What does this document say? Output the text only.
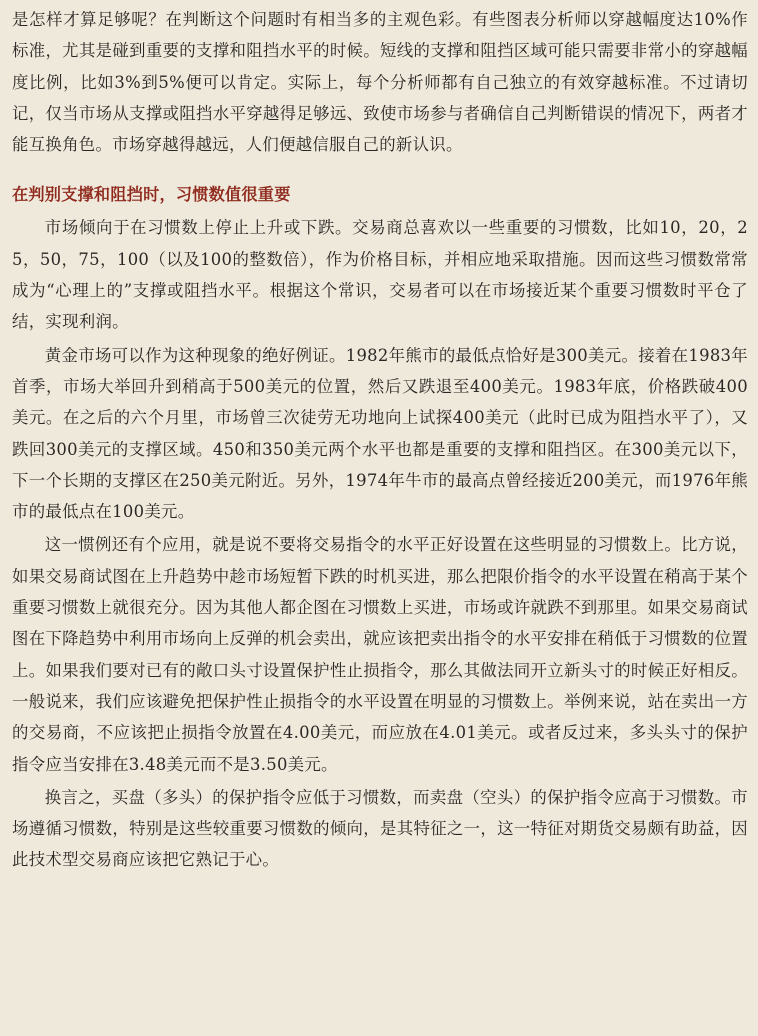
是怎样才算足够呢？在判断这个问题时有相当多的主观色彩。有些图表分析师以穿越幅度达10%作标准，尤其是碰到重要的支撑和阻挡水平的时候。短线的支撑和阻挡区域可能只需要非常小的穿越幅度比例，比如3%到5%便可以肯定。实际上，每个分析师都有自己独立的有效穿越标准。不过请切记，仅当市场从支撑或阻挡水平穿越得足够远、致使市场参与者确信自己判断错误的情况下，两者才能互换角色。市场穿越得越远，人们便越信服自己的新认识。

在判别支撑和阻挡时，习惯数值很重要

市场倾向于在习惯数上停止上升或下跌。交易商总喜欢以一些重要的习惯数，比如10，20，25，50，75，100（以及100的整数倍），作为价格目标，并相应地采取措施。因而这些习惯数常常成为“心理上的”支撑或阻挡水平。根据这个常识，交易者可以在市场接近某个重要习惯数时平仓了结，实现利润。

黄金市场可以作为这种现象的绝好例证。1982年熊市的最低点恰好是300美元。接着在1983年首季，市场大举回升到稍高于500美元的位置，然后又跌退至400美元。1983年底，价格跌破400美元。在之后的六个月里，市场曾三次徒劳无功地向上试探400美元（此时已成为阻挡水平了），又跌回300美元的支撑区域。450和350美元两个水平也都是重要的支撑和阻挡区。在300美元以下，下一个长期的支撑区在250美元附近。另外，1974年牛市的最高点曾经接近200美元，而1976年熊市的最低点在100美元。

这一惯例还有个应用，就是说不要将交易指令的水平正好设置在这些明显的习惯数上。比方说，如果交易商试图在上升趋势中趁市场短暂下跌的时机买进，那么把限价指令的水平设置在稍高于某个重要习惯数上就很充分。因为其他人都企图在习惯数上买进，市场或许就跌不到那里。如果交易商试图在下降趋势中利用市场向上反弹的机会卖出，就应该把卖出指令的水平安排在稍低于习惯数的位置上。如果我们要对已有的敞口头寸设置保护性止损指令，那么其做法同开立新头寸的时候正好相反。一般说来，我们应该避免把保护性止损指令的水平设置在明显的习惯数上。举例来说，站在卖出一方的交易商，不应该把止损指令放置在4.00美元，而应放在4.01美元。或者反过来，多头头寸的保护指令应当安排在3.48美元而不是3.50美元。

换言之，买盘（多头）的保护指令应低于习惯数，而卖盘（空头）的保护指令应高于习惯数。市场遵循习惯数，特别是这些较重要习惯数的倾向，是其特征之一，这一特征对期货交易颇有助益，因此技术型交易商应该把它熟记于心。
